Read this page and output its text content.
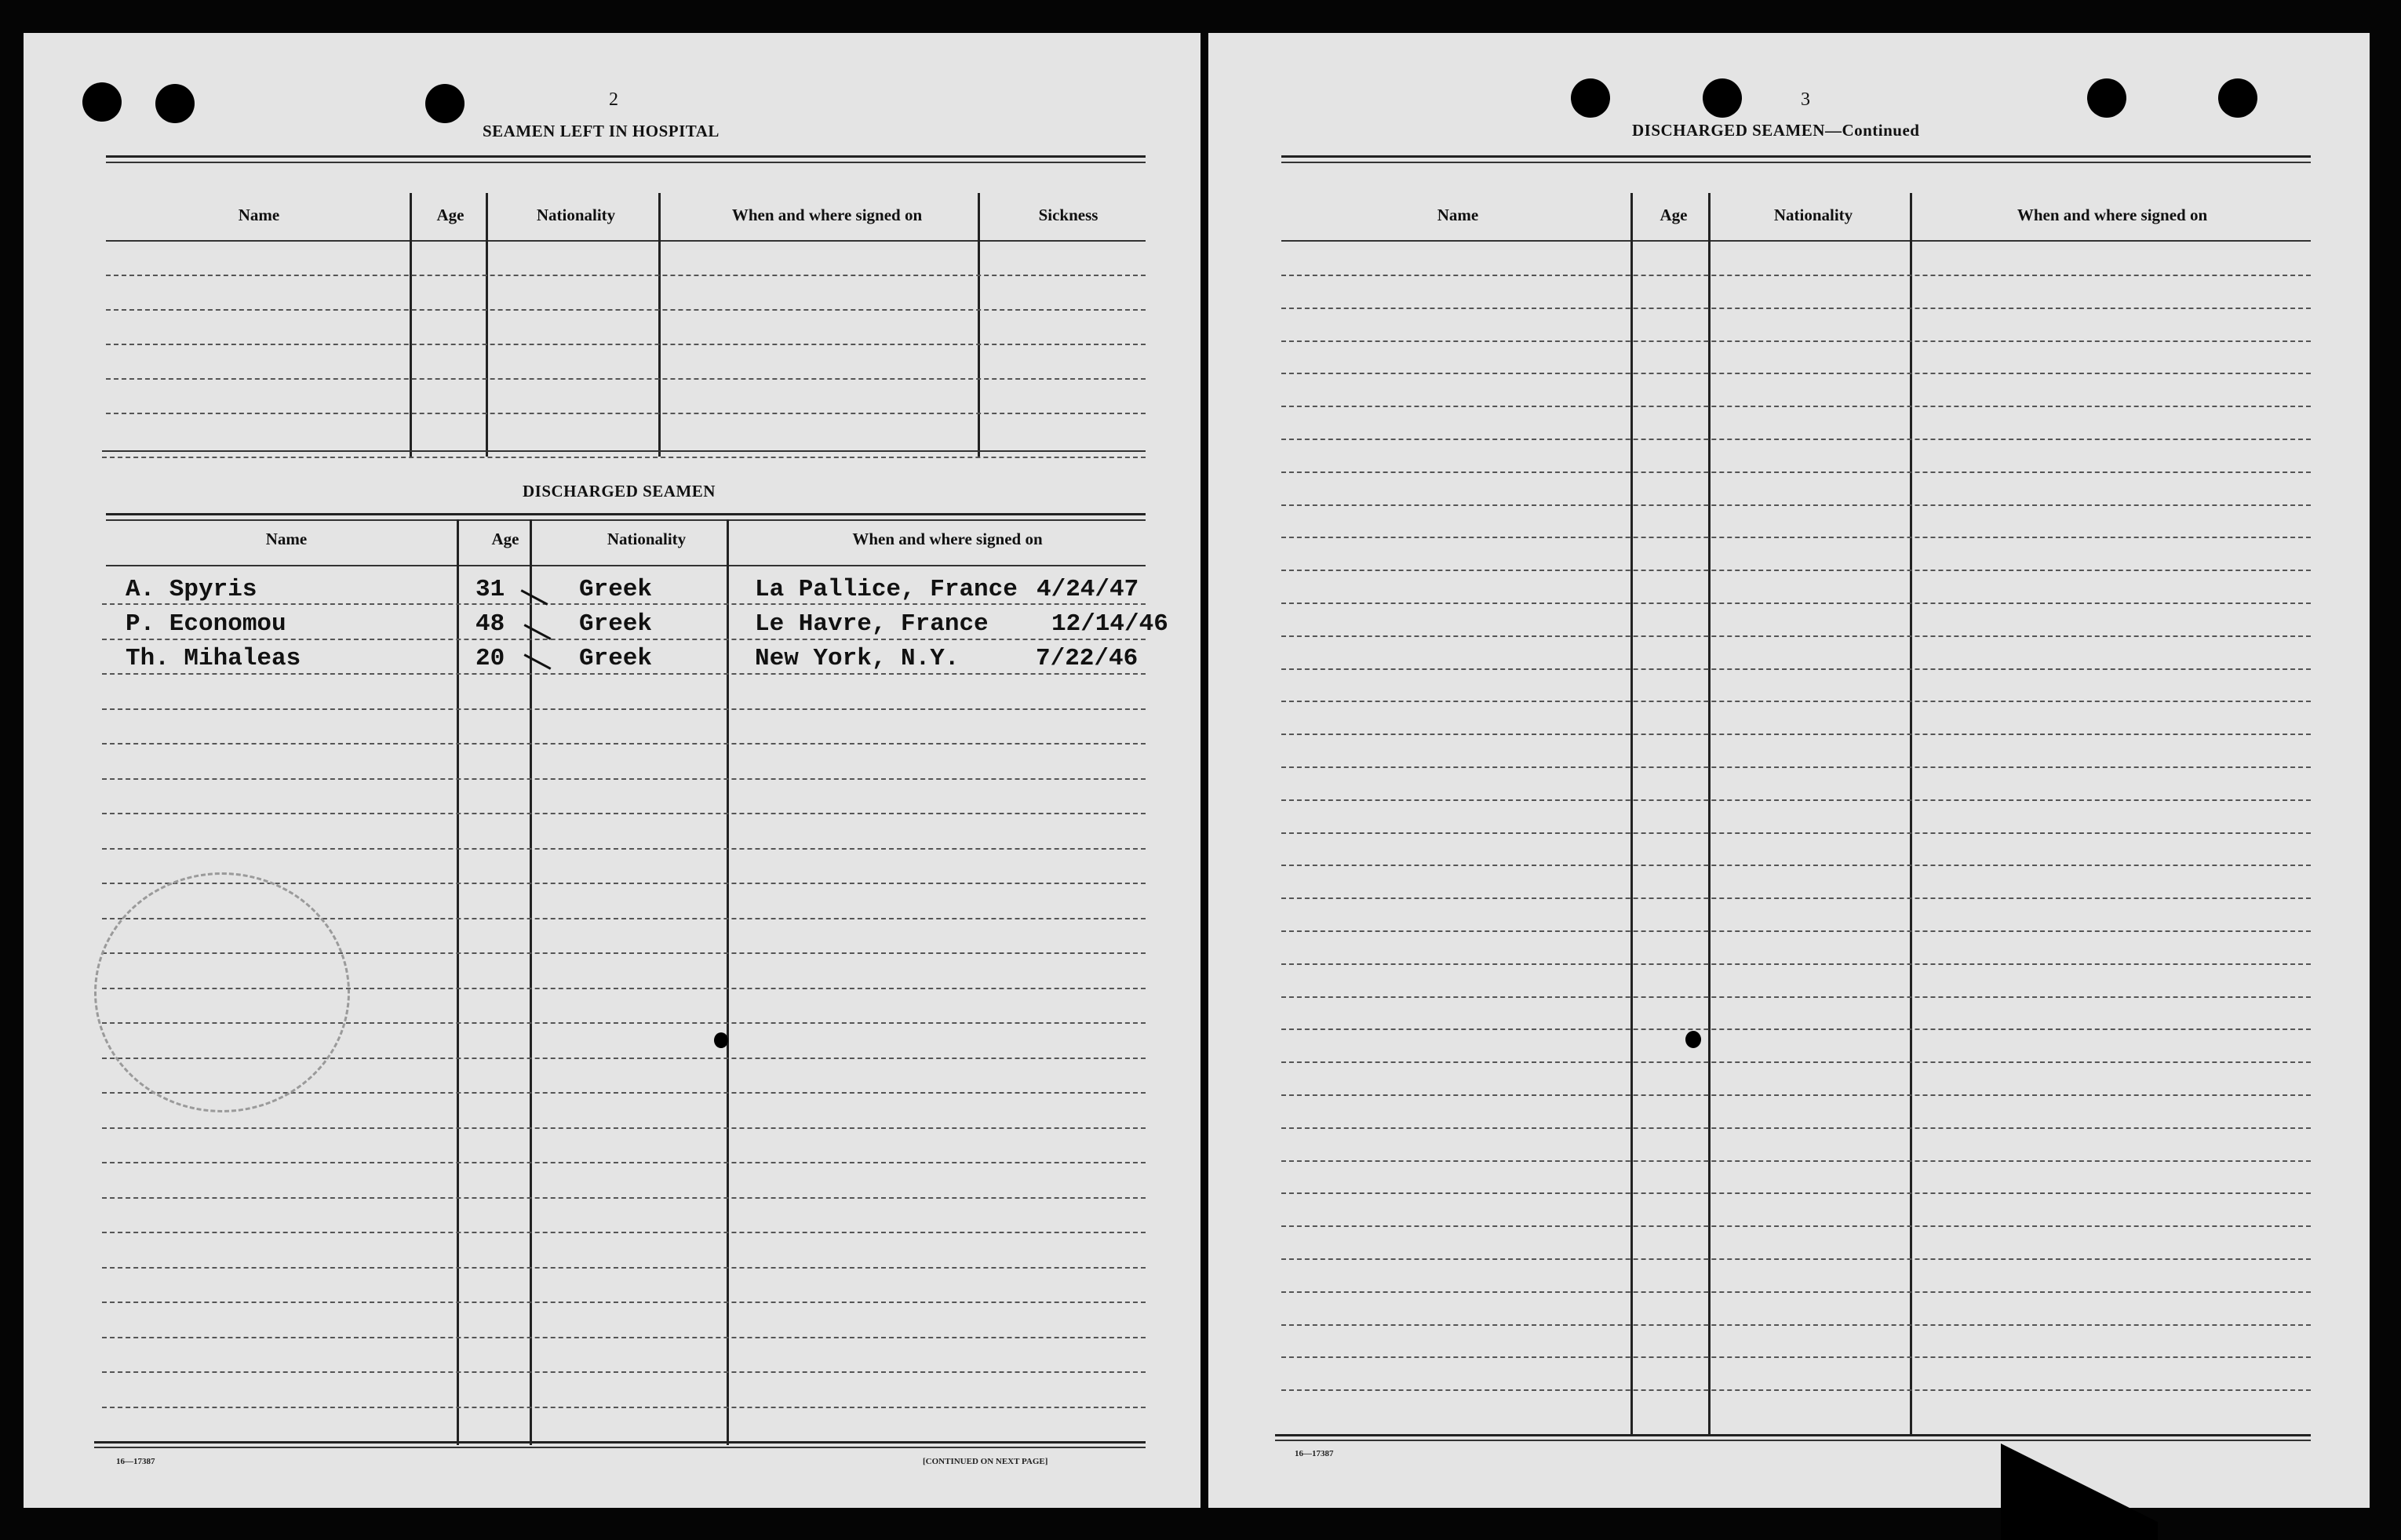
2
SEAMEN LEFT IN HOSPITAL
Name	Age	Nationality	When and where signed on	Sickness
DISCHARGED SEAMEN
Name	Age	Nationality	When and where signed on
A. Spyris	31	Greek	La Pallice, France 4/24/47
P. Economou	48	Greek	Le Havre, France	12/14/46
Th. Mihaleas	20	Greek	New York, N.Y.	7/22/46
16—17387	[CONTINUED ON NEXT PAGE]
3
DISCHARGED SEAMEN—Continued
Name	Age	Nationality	When and where signed on
16—17387
